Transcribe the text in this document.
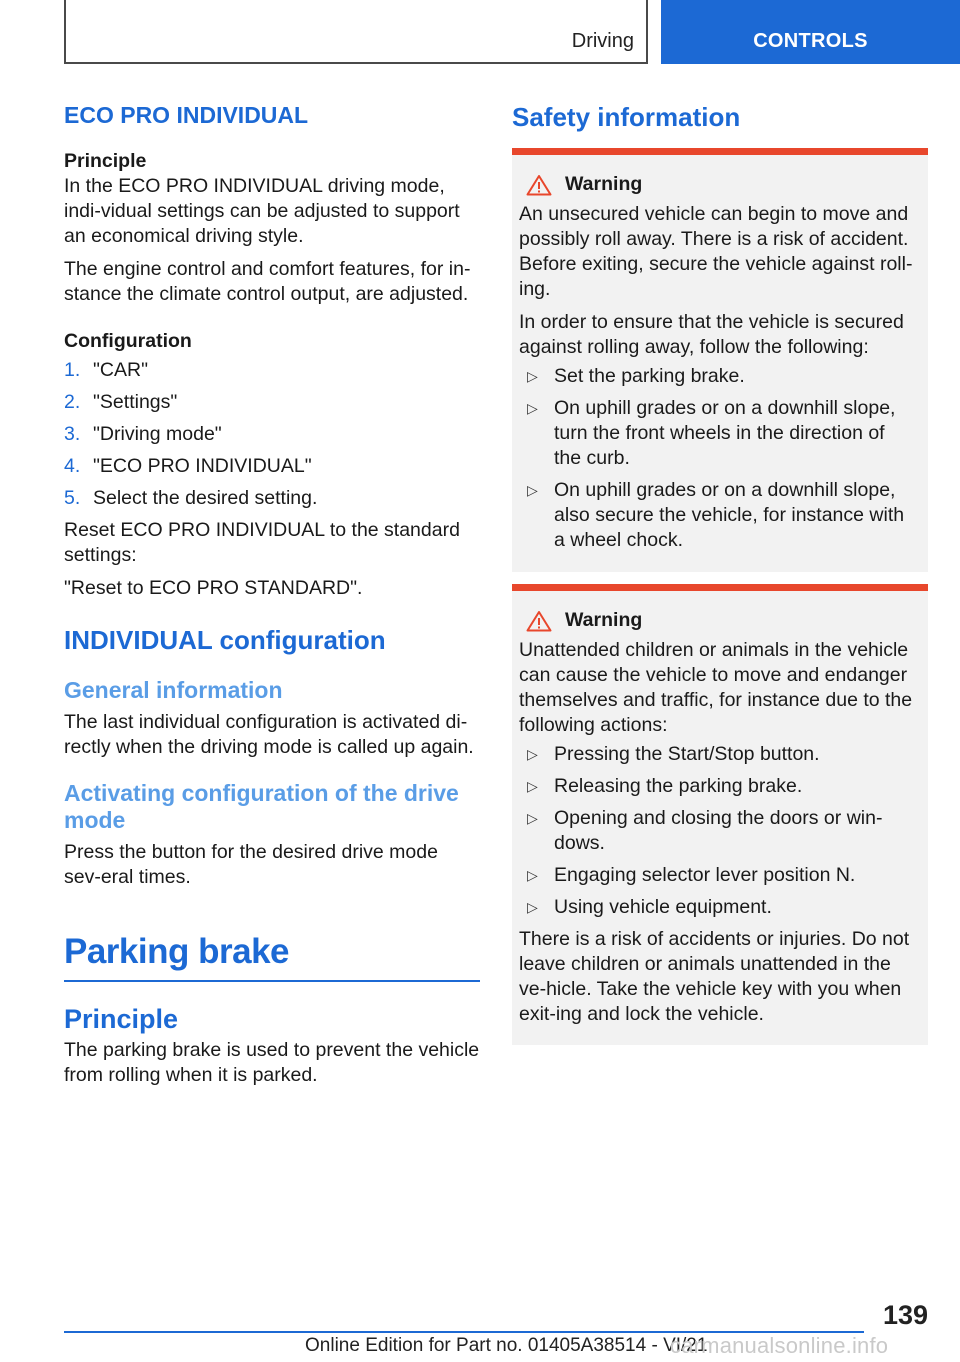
Driving	CONTROLS
ECO PRO INDIVIDUAL
Principle

In the ECO PRO INDIVIDUAL driving mode, indi-vidual settings can be adjusted to support an economical driving style.

The engine control and comfort features, for in-stance the climate control output, are adjusted.

Configuration
1. "CAR"
2. "Settings"
3. "Driving mode"
4. "ECO PRO INDIVIDUAL"
5. Select the desired setting.

Reset ECO PRO INDIVIDUAL to the standard settings:

"Reset to ECO PRO STANDARD".

INDIVIDUAL configuration
General information

The last individual configuration is activated di-rectly when the driving mode is called up again.

Activating configuration of the drive mode

Press the button for the desired drive mode sev-eral times.

Parking brake
Principle

The parking brake is used to prevent the vehicle from rolling when it is parked.

Safety information
Warning

An unsecured vehicle can begin to move and possibly roll away. There is a risk of accident. Before exiting, secure the vehicle against roll-ing.

In order to ensure that the vehicle is secured against rolling away, follow the following:

▷ Set the parking brake.
▷ On uphill grades or on a downhill slope, turn the front wheels in the direction of the curb.
▷ On uphill grades or on a downhill slope, also secure the vehicle, for instance with a wheel chock.
Warning

Unattended children or animals in the vehicle can cause the vehicle to move and endanger themselves and traffic, for instance due to the following actions:

▷ Pressing the Start/Stop button.
▷ Releasing the parking brake.
▷ Opening and closing the doors or win-dows.
▷ Engaging selector lever position N.
▷ Using vehicle equipment.

There is a risk of accidents or injuries. Do not leave children or animals unattended in the ve-hicle. Take the vehicle key with you when exit-ing and lock the vehicle.

139
Online Edition for Part no. 01405A38514 - VI/21
carmanualsonline.info
